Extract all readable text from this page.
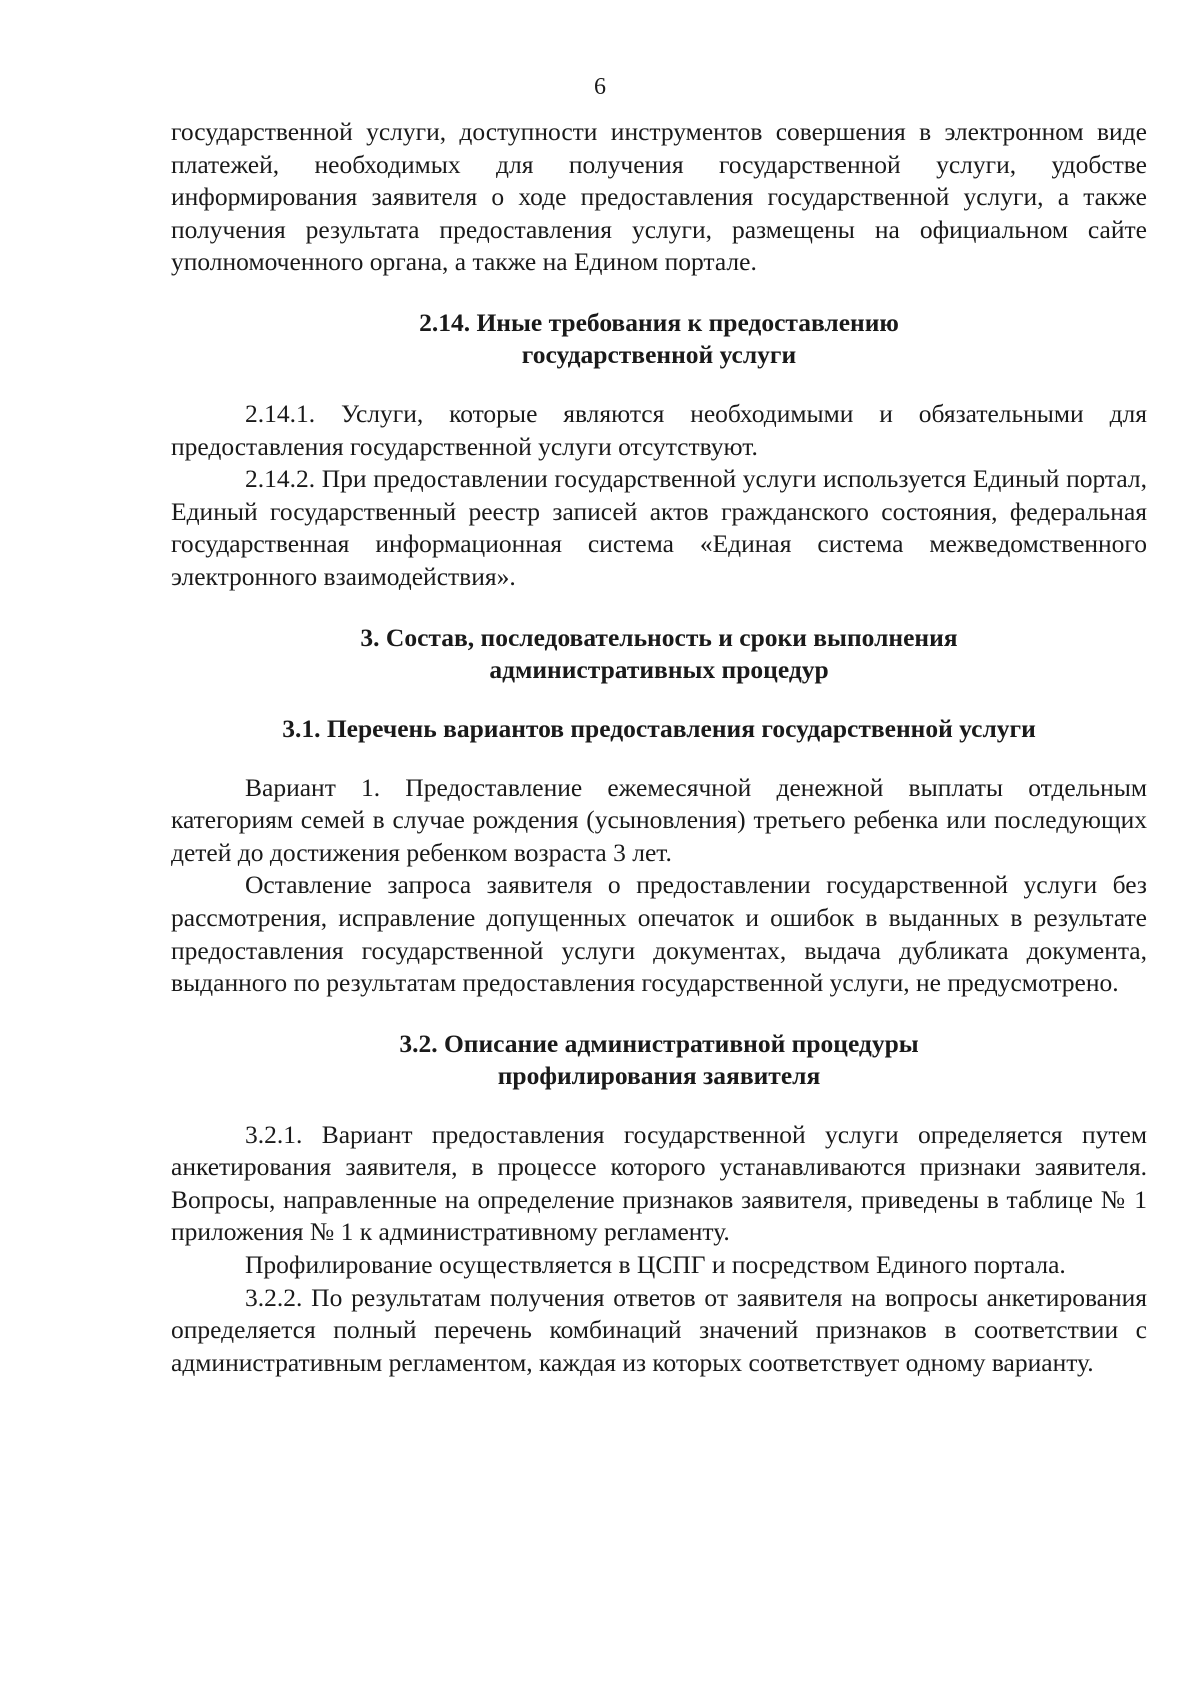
6

государственной услуги, доступности инструментов совершения в электронном виде платежей, необходимых для получения государственной услуги, удобстве информирования заявителя о ходе предоставления государственной услуги, а также получения результата предоставления услуги, размещены на официальном сайте уполномоченного органа, а также на Едином портале.

2.14. Иные требования к предоставлению
государственной услуги

2.14.1. Услуги, которые являются необходимыми и обязательными для предоставления государственной услуги отсутствуют.

2.14.2. При предоставлении государственной услуги используется Единый портал, Единый государственный реестр записей актов гражданского состояния, федеральная государственная информационная система «Единая система межведомственного электронного взаимодействия».

3. Состав, последовательность и сроки выполнения
административных процедур
3.1. Перечень вариантов предоставления государственной услуги

Вариант 1. Предоставление ежемесячной денежной выплаты отдельным категориям семей в случае рождения (усыновления) третьего ребенка или последующих детей до достижения ребенком возраста 3 лет.

Оставление запроса заявителя о предоставлении государственной услуги без рассмотрения, исправление допущенных опечаток и ошибок в выданных в результате предоставления государственной услуги документах, выдача дубликата документа, выданного по результатам предоставления государственной услуги, не предусмотрено.

3.2. Описание административной процедуры
профилирования заявителя

3.2.1. Вариант предоставления государственной услуги определяется путем анкетирования заявителя, в процессе которого устанавливаются признаки заявителя. Вопросы, направленные на определение признаков заявителя, приведены в таблице № 1 приложения № 1 к административному регламенту.

Профилирование осуществляется в ЦСПГ и посредством Единого портала.

3.2.2. По результатам получения ответов от заявителя на вопросы анкетирования определяется полный перечень комбинаций значений признаков в соответствии с административным регламентом, каждая из которых соответствует одному варианту.
